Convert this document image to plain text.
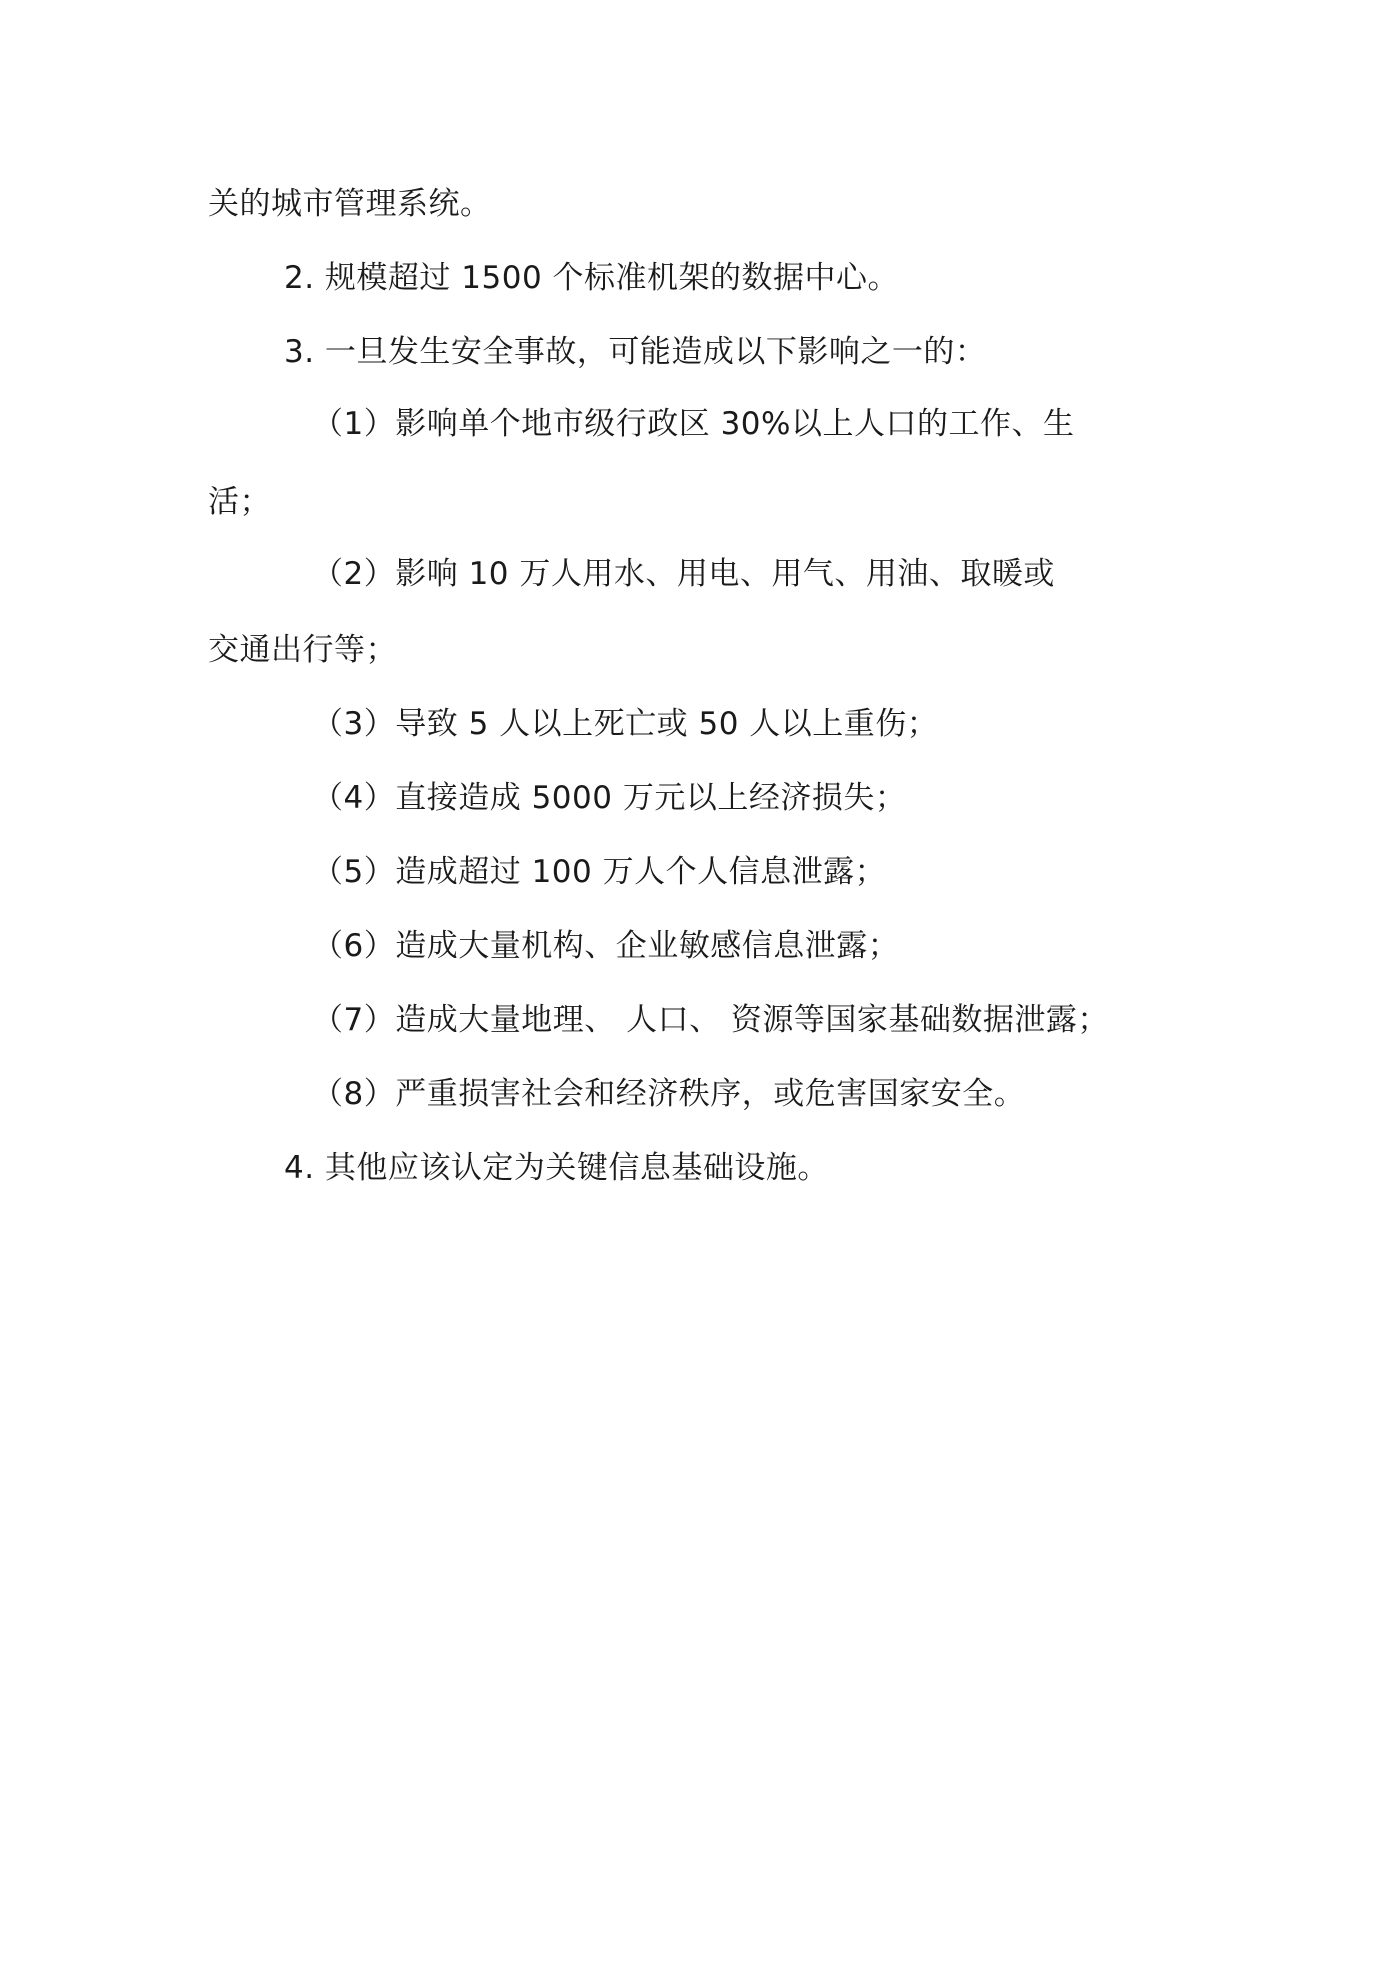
关的城市管理系统。
2. 规模超过 1500 个标准机架的数据中心。
3. 一旦发生安全事故，可能造成以下影响之一的：
（1）影响单个地市级行政区 30%以上人口的工作、生
活；
（2）影响 10 万人用水、用电、用气、用油、取暖或
交通出行等；
（3）导致 5 人以上死亡或 50 人以上重伤；
（4）直接造成 5000 万元以上经济损失；
（5）造成超过 100 万人个人信息泄露；
（6）造成大量机构、企业敏感信息泄露；
（7）造成大量地理、 人口、 资源等国家基础数据泄露；
（8）严重损害社会和经济秩序，或危害国家安全。
4. 其他应该认定为关键信息基础设施。
